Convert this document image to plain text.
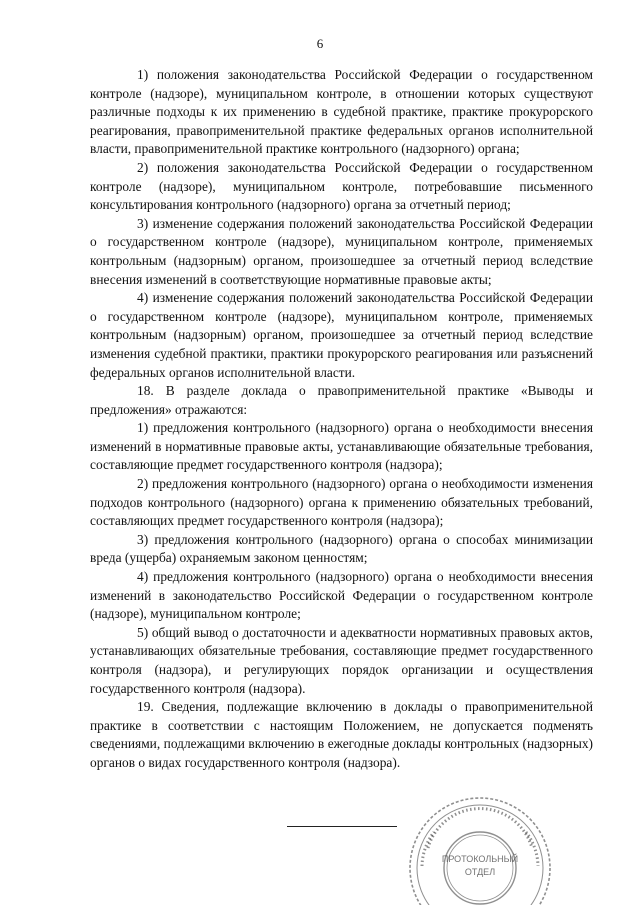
6

1) положения законодательства Российской Федерации о государственном контроле (надзоре), муниципальном контроле, в отношении которых существуют различные подходы к их применению в судебной практике, практике прокурорского реагирования, правоприменительной практике федеральных органов исполнительной власти, правоприменительной практике контрольного (надзорного) органа;

2) положения законодательства Российской Федерации о государственном контроле (надзоре), муниципальном контроле, потребовавшие письменного консультирования контрольного (надзорного) органа за отчетный период;

3) изменение содержания положений законодательства Российской Федерации о государственном контроле (надзоре), муниципальном контроле, применяемых контрольным (надзорным) органом, произошедшее за отчетный период вследствие внесения изменений в соответствующие нормативные правовые акты;

4) изменение содержания положений законодательства Российской Федерации о государственном контроле (надзоре), муниципальном контроле, применяемых контрольным (надзорным) органом, произошедшее за отчетный период вследствие изменения судебной практики, практики прокурорского реагирования или разъяснений федеральных органов исполнительной власти.

18. В разделе доклада о правоприменительной практике «Выводы и предложения» отражаются:

1) предложения контрольного (надзорного) органа о необходимости внесения изменений в нормативные правовые акты, устанавливающие обязательные требования, составляющие предмет государственного контроля (надзора);

2) предложения контрольного (надзорного) органа о необходимости изменения подходов контрольного (надзорного) органа к применению обязательных требований, составляющих предмет государственного контроля (надзора);

3) предложения контрольного (надзорного) органа о способах минимизации вреда (ущерба) охраняемым законом ценностям;

4) предложения контрольного (надзорного) органа о необходимости внесения изменений в законодательство Российской Федерации о государственном контроле (надзоре), муниципальном контроле;

5) общий вывод о достаточности и адекватности нормативных правовых актов, устанавливающих обязательные требования, составляющие предмет государственного контроля (надзора), и регулирующих порядок организации и осуществления государственного контроля (надзора).

19. Сведения, подлежащие включению в доклады о правоприменительной практике в соответствии с настоящим Положением, не допускается подменять сведениями, подлежащими включению в ежегодные доклады контрольных (надзорных) органов о видах государственного контроля (надзора).

ПРОТОКОЛЬНЫЙ
ОТДЕЛ
